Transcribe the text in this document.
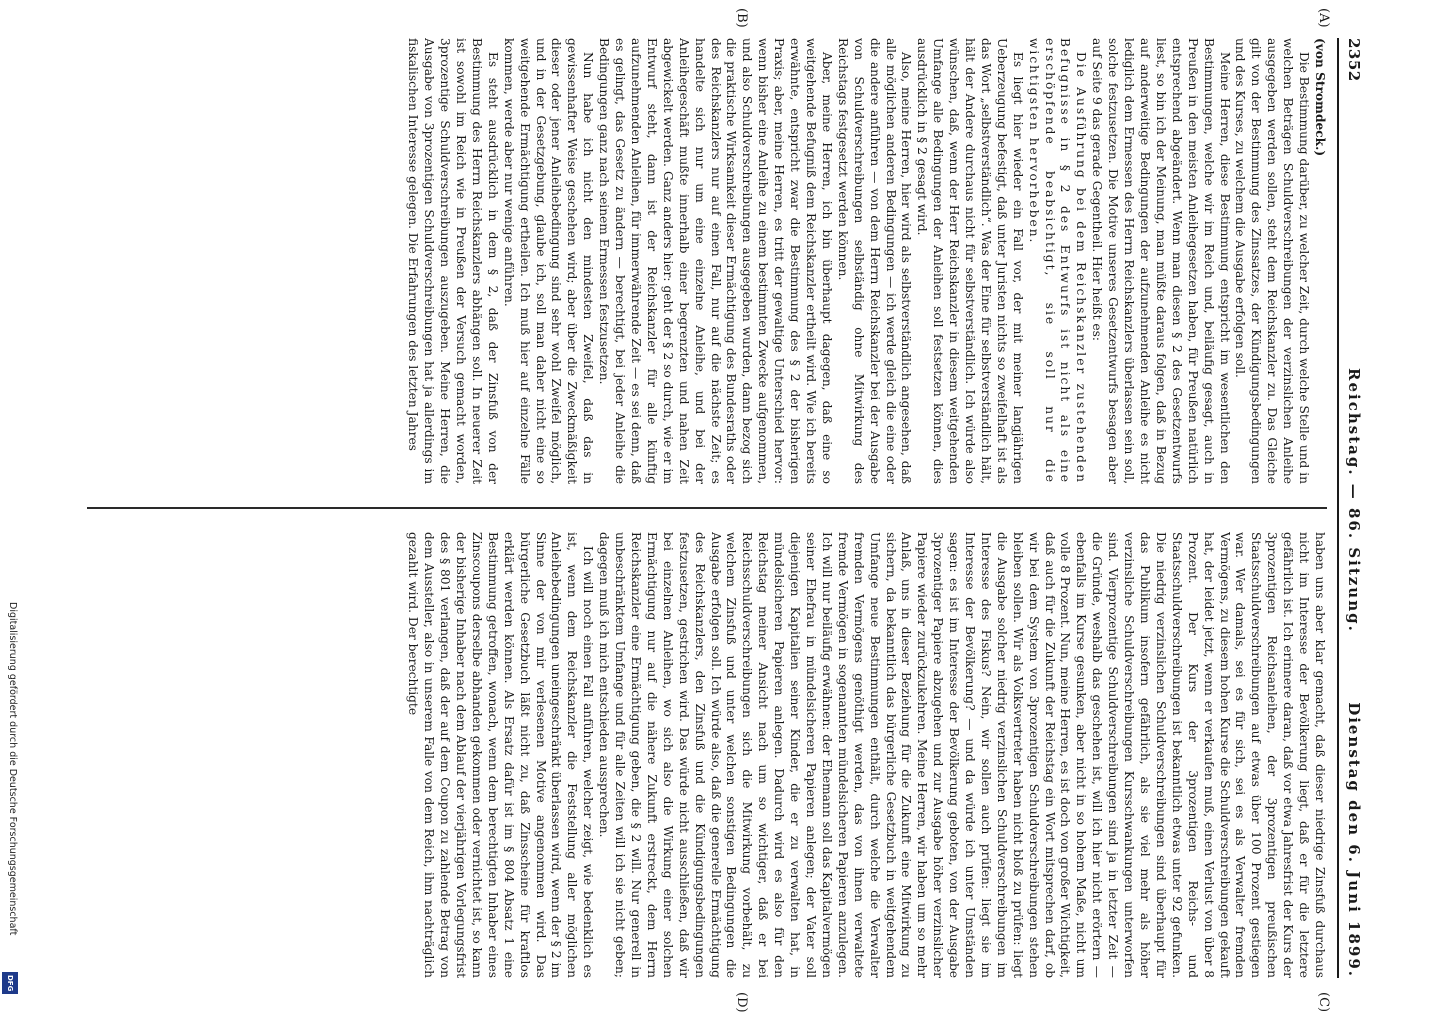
2352
Reichstag. — 86. Sitzung.
Dienstag den 6. Juni 1899.
(A)
(B)
(C)
(D)

(von Stromdeck.)

Die Bestimmung darüber, zu welcher Zeit, durch welche Stelle und in welchen Beträgen Schuldverschreibungen der verzinslichen Anleihe ausgegeben werden sollen, steht dem Reichskanzler zu. Das Gleiche gilt von der Bestimmung des Zinssatzes, der Kündigungsbedingungen und des Kurses, zu welchem die Ausgabe erfolgen soll.

Meine Herren, diese Bestimmung entspricht im wesentlichen den Bestimmungen, welche wir im Reich und, beiläufig gesagt, auch in Preußen in den meisten Anleihegesetzen haben, für Preußen natürlich entsprechend abgeändert. Wenn man diesen § 2 des Gesetzentwurfs liest, so bin ich der Meinung, man müßte daraus folgen, daß in Bezug auf anderweitige Bedingungen der aufzunehmenden Anleihe es nicht lediglich dem Ermessen des Herrn Reichskanzlers überlassen sein soll, solche festzusetzen. Die Motive unseres Gesetzentwurfs besagen aber auf Seite 9 das gerade Gegentheil. Hier heißt es:

Die Ausführung bei dem Reichskanzler zustehenden Befugnisse in § 2 des Entwurfs ist nicht als eine erschöpfende beabsichtigt, sie soll nur die wichtigsten hervorheben.

Es liegt hier wieder ein Fall vor, der mit meiner langjährigen Ueberzeugung befestigt, daß unter Juristen nichts so zweifelhaft ist als das Wort „selbstverständlich“. Was der Eine für selbstverständlich hält, hält der Andere durchaus nicht für selbstverständlich. Ich würde also wünschen, daß, wenn der Herr Reichskanzler in diesem weitgehenden Umfange alle Bedingungen der Anleihen soll festsetzen können, dies ausdrücklich in § 2 gesagt wird.

Also, meine Herren, hier wird als selbstverständlich angesehen, daß alle möglichen anderen Bedingungen — ich werde gleich die eine oder die andere anführen — von dem Herrn Reichskanzler bei der Ausgabe von Schuldverschreibungen selbständig ohne Mitwirkung des Reichstags festgesetzt werden können.

Aber, meine Herren, ich bin überhaupt dagegen, daß eine so weitgehende Befugniß dem Reichskanzler ertheilt wird. Wie ich bereits erwähnte, entspricht zwar die Bestimmung des § 2 der bisherigen Praxis; aber, meine Herren, es tritt der gewaltige Unterschied hervor: wenn bisher eine Anleihe zu einem bestimmten Zwecke aufgenommen, und also Schuldverschreibungen ausgegeben wurden, dann bezog sich die praktische Wirksamkeit dieser Ermächtigung des Bundesraths oder des Reichskanzlers nur auf einen Fall, nur auf die nächste Zeit; es handelte sich nur um eine einzelne Anleihe, und bei der Anleihegeschäft mußte innerhalb einer begrenzten und nahen Zeit abgewickelt werden. Ganz anders hier: geht der § 2 so durch, wie er im Entwurf steht, dann ist der Reichskanzler für alle künftig aufzunehmenden Anleihen, für immerwährende Zeit — es sei denn, daß es gelingt, das Gesetz zu ändern — berechtigt, bei jeder Anleihe die Bedingungen ganz nach seinem Ermessen festzusetzen.

Nun habe ich nicht den mindesten Zweifel, daß das in gewissenhafter Weise geschehen wird; aber über die Zweckmäßigkeit dieser oder jener Anleihebedingung sind sehr wohl Zweifel möglich, und in der Gesetzgebung, glaube ich, soll man daher nicht eine so weitgehende Ermächtigung ertheilen. Ich muß hier auf einzelne Fälle kommen, werde aber nur wenige anführen.

Es steht ausdrücklich in dem § 2, daß der Zinsfuß von der Bestimmung des Herrn Reichskanzlers abhängen soll. In neuerer Zeit ist sowohl im Reich wie in Preußen der Versuch gemacht worden, 3prozentige Schuldverschreibungen auszugeben. Meine Herren, die Ausgabe von 3prozentigen Schuldverschreibungen hat ja allerdings im fiskalischen Interesse gelegen. Die Erfahrungen des letzten Jahres

haben uns aber klar gemacht, daß dieser niedrige Zinsfuß durchaus nicht im Interesse der Bevölkerung liegt, daß er für die letztere gefährlich ist. Ich erinnere daran, daß vor etwa Jahresfrist der Kurs der 3prozentigen Reichsanleihen, der 3prozentigen preußischen Staatsschuldverschreibungen auf etwas über 100 Prozent gestiegen war. Wer damals, sei es für sich, sei es als Verwalter fremden Vermögens, zu diesem hohen Kurse die Schuldverschreibungen gekauft hat, der leidet jetzt, wenn er verkaufen muß, einen Verlust von über 8 Prozent. Der Kurs der 3prozentigen Reichs- und Staatsschuldverschreibungen ist bekanntlich etwas unter 92 gefunken. Die niedrig verzinslichen Schuldverschreibungen sind überhaupt für das Publikum insofern gefährlich, als sie viel mehr als höher verzinsliche Schuldverschreibungen Kursschwankungen unterworfen sind. Vierprozentige Schuldverschreibungen sind ja in letzter Zeit — die Gründe, weshalb das geschehen ist, will ich hier nicht erörtern — ebenfalls im Kurse gesunken, aber nicht in so hohem Maße, nicht um volle 8 Prozent. Nun, meine Herren, es ist doch von großer Wichtigkeit, daß auch für die Zukunft der Reichstag ein Wort mitsprechen darf, ob wir bei dem System von 3prozentigen Schuldverschreibungen stehen bleiben sollen. Wir als Volksvertreter haben nicht bloß zu prüfen: liegt die Ausgabe solcher niedrig verzinslichen Schuldverschreibungen im Interesse des Fiskus? Nein, wir sollen auch prüfen: liegt sie im Interesse der Bevölkerung? — und da würde ich unter Umständen sagen: es ist im Interesse der Bevölkerung geboten, von der Ausgabe 3prozentiger Papiere abzugehen und zur Ausgabe höher verzinslicher Papiere wieder zurückzukehren. Meine Herren, wir haben um so mehr Anlaß, uns in dieser Beziehung für die Zukunft eine Mitwirkung zu sichern, da bekanntlich das bürgerliche Gesetzbuch in weitgehendem Umfange neue Bestimmungen enthält, durch welche die Verwalter fremden Vermögens genöthigt werden, das von ihnen verwaltete fremde Vermögen in sogenannten mündelsicheren Papieren anzulegen. Ich will nur beiläufig erwähnen: der Ehemann soll das Kapitalvermögen seiner Ehefrau in mündelsicheren Papieren anlegen; der Vater soll diejenigen Kapitalien seiner Kinder, die er zu verwalten hat, in mündelsicheren Papieren anlegen. Dadurch wird es also für den Reichstag meiner Ansicht nach um so wichtiger, daß er bei Reichsschuldverschreibungen sich die Mitwirkung vorbehält, zu welchem Zinsfuß und unter welchen sonstigen Bedingungen die Ausgabe erfolgen soll. Ich würde also, daß die generelle Ermächtigung des Reichskanzlers, den Zinsfuß und die Kündigungsbedingungen festzusetzen, gestrichen wird. Das würde nicht ausschließen, daß wir bei einzelnen Anleihen, wo sich also die Wirkung einer solchen Ermächtigung nur auf die nähere Zukunft erstreckt, dem Herrn Reichskanzler eine Ermächtigung geben, die § 2 will. Nur generell in unbeschränktem Umfange und für alle Zeiten will ich sie nicht geben; dagegen muß ich mich entschieden aussprechen.

Ich will noch einen Fall anführen, welcher zeigt, wie bedenklich es ist, wenn dem Reichskanzler die Feststellung aller möglichen Anleihebedingungen uneingeschränkt überlassen wird, wenn der § 2 im Sinne der von mir verlesenen Motive angenommen wird. Das bürgerliche Gesetzbuch läßt nicht zu, daß Zinsscheine für kraftlos erklärt werden können. Als Ersatz dafür ist im § 804 Absatz 1 eine Bestimmung getroffen, wonach, wenn dem berechtigten Inhaber eines Zinscoupons derselbe abhanden gekommen oder vernichtet ist, so kann der bisherige Inhaber nach dem Ablauf der vierjährigen Vorlegungsfrist des § 801 verlangen, daß der auf dem Coupon zu zahlende Betrag von dem Aussteller, also in unserem Falle von dem Reich, ihm nachträglich gezahlt wird. Der berechtigte

Digitalisierung gefördert durch die Deutsche Forschungsgemeinschaft
DFG
